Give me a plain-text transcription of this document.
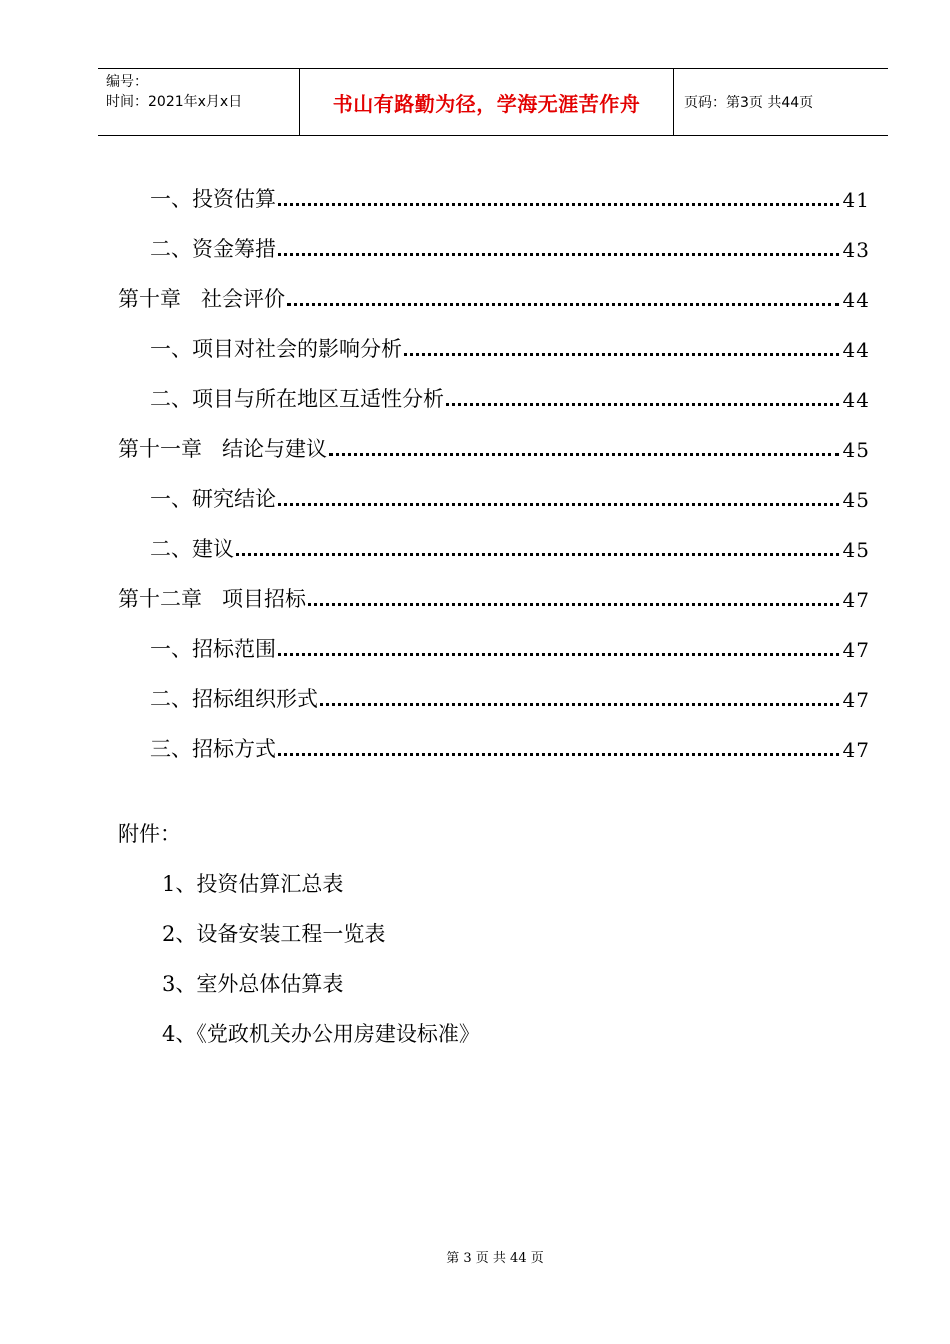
编号：
时间：2021年x月x日	书山有路勤为径，学海无涯苦作舟	页码：第3页 共44页
一、投资估算	41
二、资金筹措	43
第十章   社会评价	44
一、项目对社会的影响分析	44
二、项目与所在地区互适性分析	44
第十一章   结论与建议	45
一、研究结论	45
二、建议	45
第十二章   项目招标	47
一、招标范围	47
二、招标组织形式	47
三、招标方式	47
附件：
1、投资估算汇总表
2、设备安装工程一览表
3、室外总体估算表
4、《党政机关办公用房建设标准》
第 3 页 共 44 页
